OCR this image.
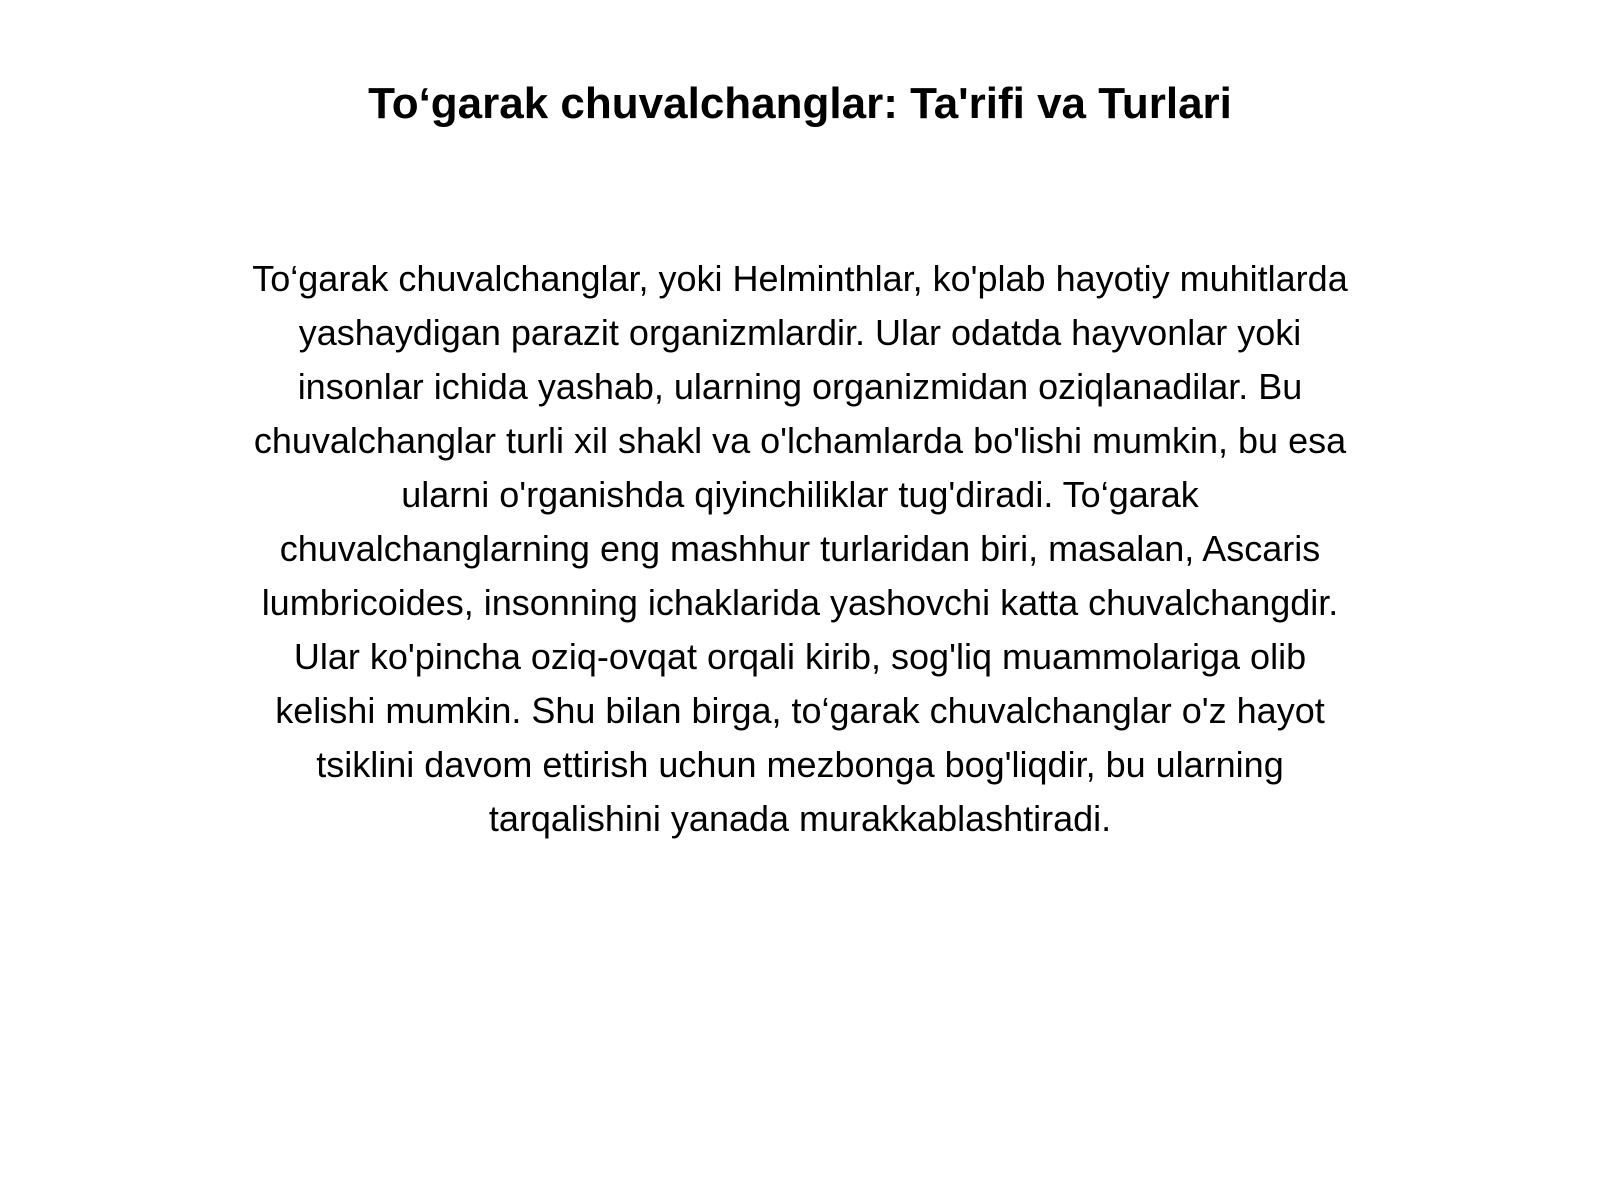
To‘garak chuvalchanglar: Ta'rifi va Turlari

To‘garak chuvalchanglar, yoki Helminthlar, ko'plab hayotiy muhitlarda
yashaydigan parazit organizmlardir. Ular odatda hayvonlar yoki
insonlar ichida yashab, ularning organizmidan oziqlanadilar. Bu
chuvalchanglar turli xil shakl va o'lchamlarda bo'lishi mumkin, bu esa
ularni o'rganishda qiyinchiliklar tug'diradi. To‘garak
chuvalchanglarning eng mashhur turlaridan biri, masalan, Ascaris
lumbricoides, insonning ichaklarida yashovchi katta chuvalchangdir.
Ular ko'pincha oziq-ovqat orqali kirib, sog'liq muammolariga olib
kelishi mumkin. Shu bilan birga, to‘garak chuvalchanglar o'z hayot
tsiklini davom ettirish uchun mezbonga bog'liqdir, bu ularning
tarqalishini yanada murakkablashtiradi.
